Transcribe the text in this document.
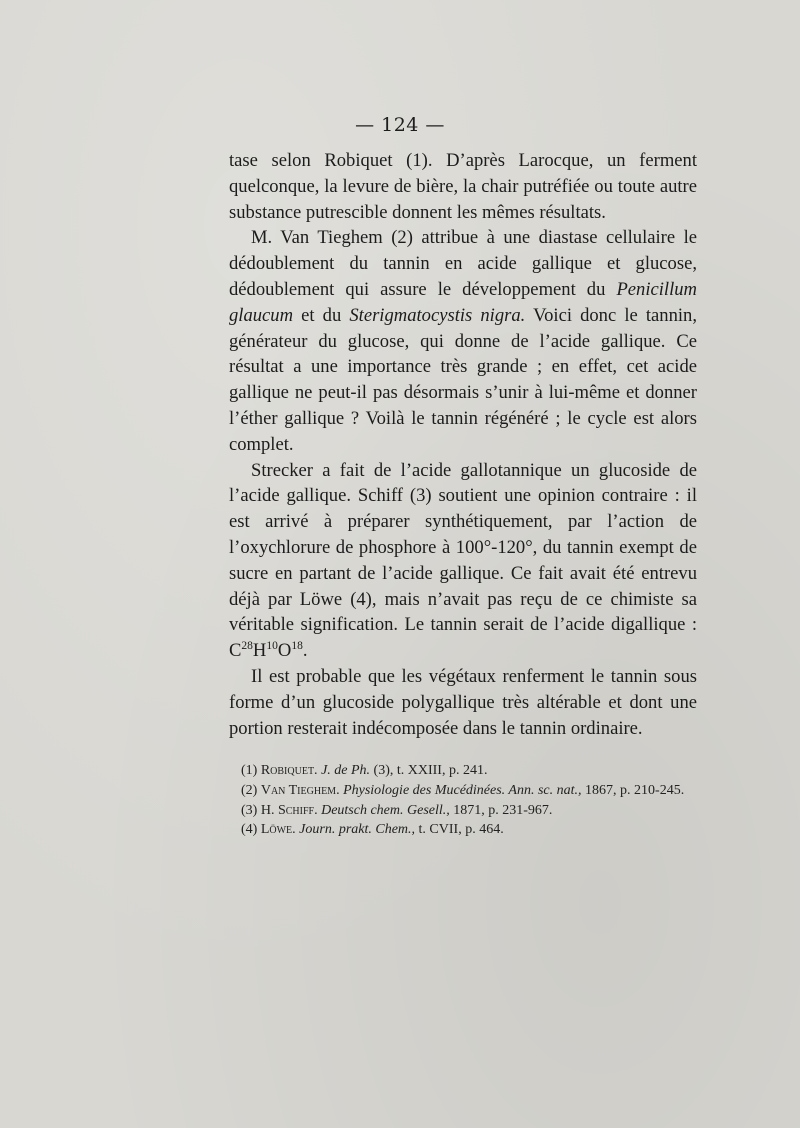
— 124 —

tase selon Robiquet (1). D’après Larocque, un ferment quelconque, la levure de bière, la chair putréfiée ou toute autre substance putrescible donnent les mêmes résultats.

M. Van Tieghem (2) attribue à une diastase cellulaire le dédoublement du tannin en acide gallique et glucose, dédoublement qui assure le développement du Penicillum glaucum et du Sterigmatocystis nigra. Voici donc le tannin, générateur du glucose, qui donne de l’acide gallique. Ce résultat a une importance très grande ; en effet, cet acide gallique ne peut-il pas désormais s’unir à lui-même et donner l’éther gallique ? Voilà le tannin régénéré ; le cycle est alors complet.

Strecker a fait de l’acide gallotannique un glucoside de l’acide gallique. Schiff (3) soutient une opinion contraire : il est arrivé à préparer synthétiquement, par l’action de l’oxychlorure de phosphore à 100°-120°, du tannin exempt de sucre en partant de l’acide gallique. Ce fait avait été entrevu déjà par Löwe (4), mais n’avait pas reçu de ce chimiste sa véritable signification. Le tannin serait de l’acide digallique : $C^{28}H^{10}O^{18}$.

Il est probable que les végétaux renferment le tannin sous forme d’un glucoside polygallique très altérable et dont une portion resterait indécomposée dans le tannin ordinaire.

(1) Robiquet. J. de Ph. (3), t. XXIII, p. 241.
(2) Van Tieghem. Physiologie des Mucédinées. Ann. sc. nat., 1867, p. 210-245.
(3) H. Schiff. Deutsch chem. Gesell., 1871, p. 231-967.
(4) Löwe. Journ. prakt. Chem., t. CVII, p. 464.
